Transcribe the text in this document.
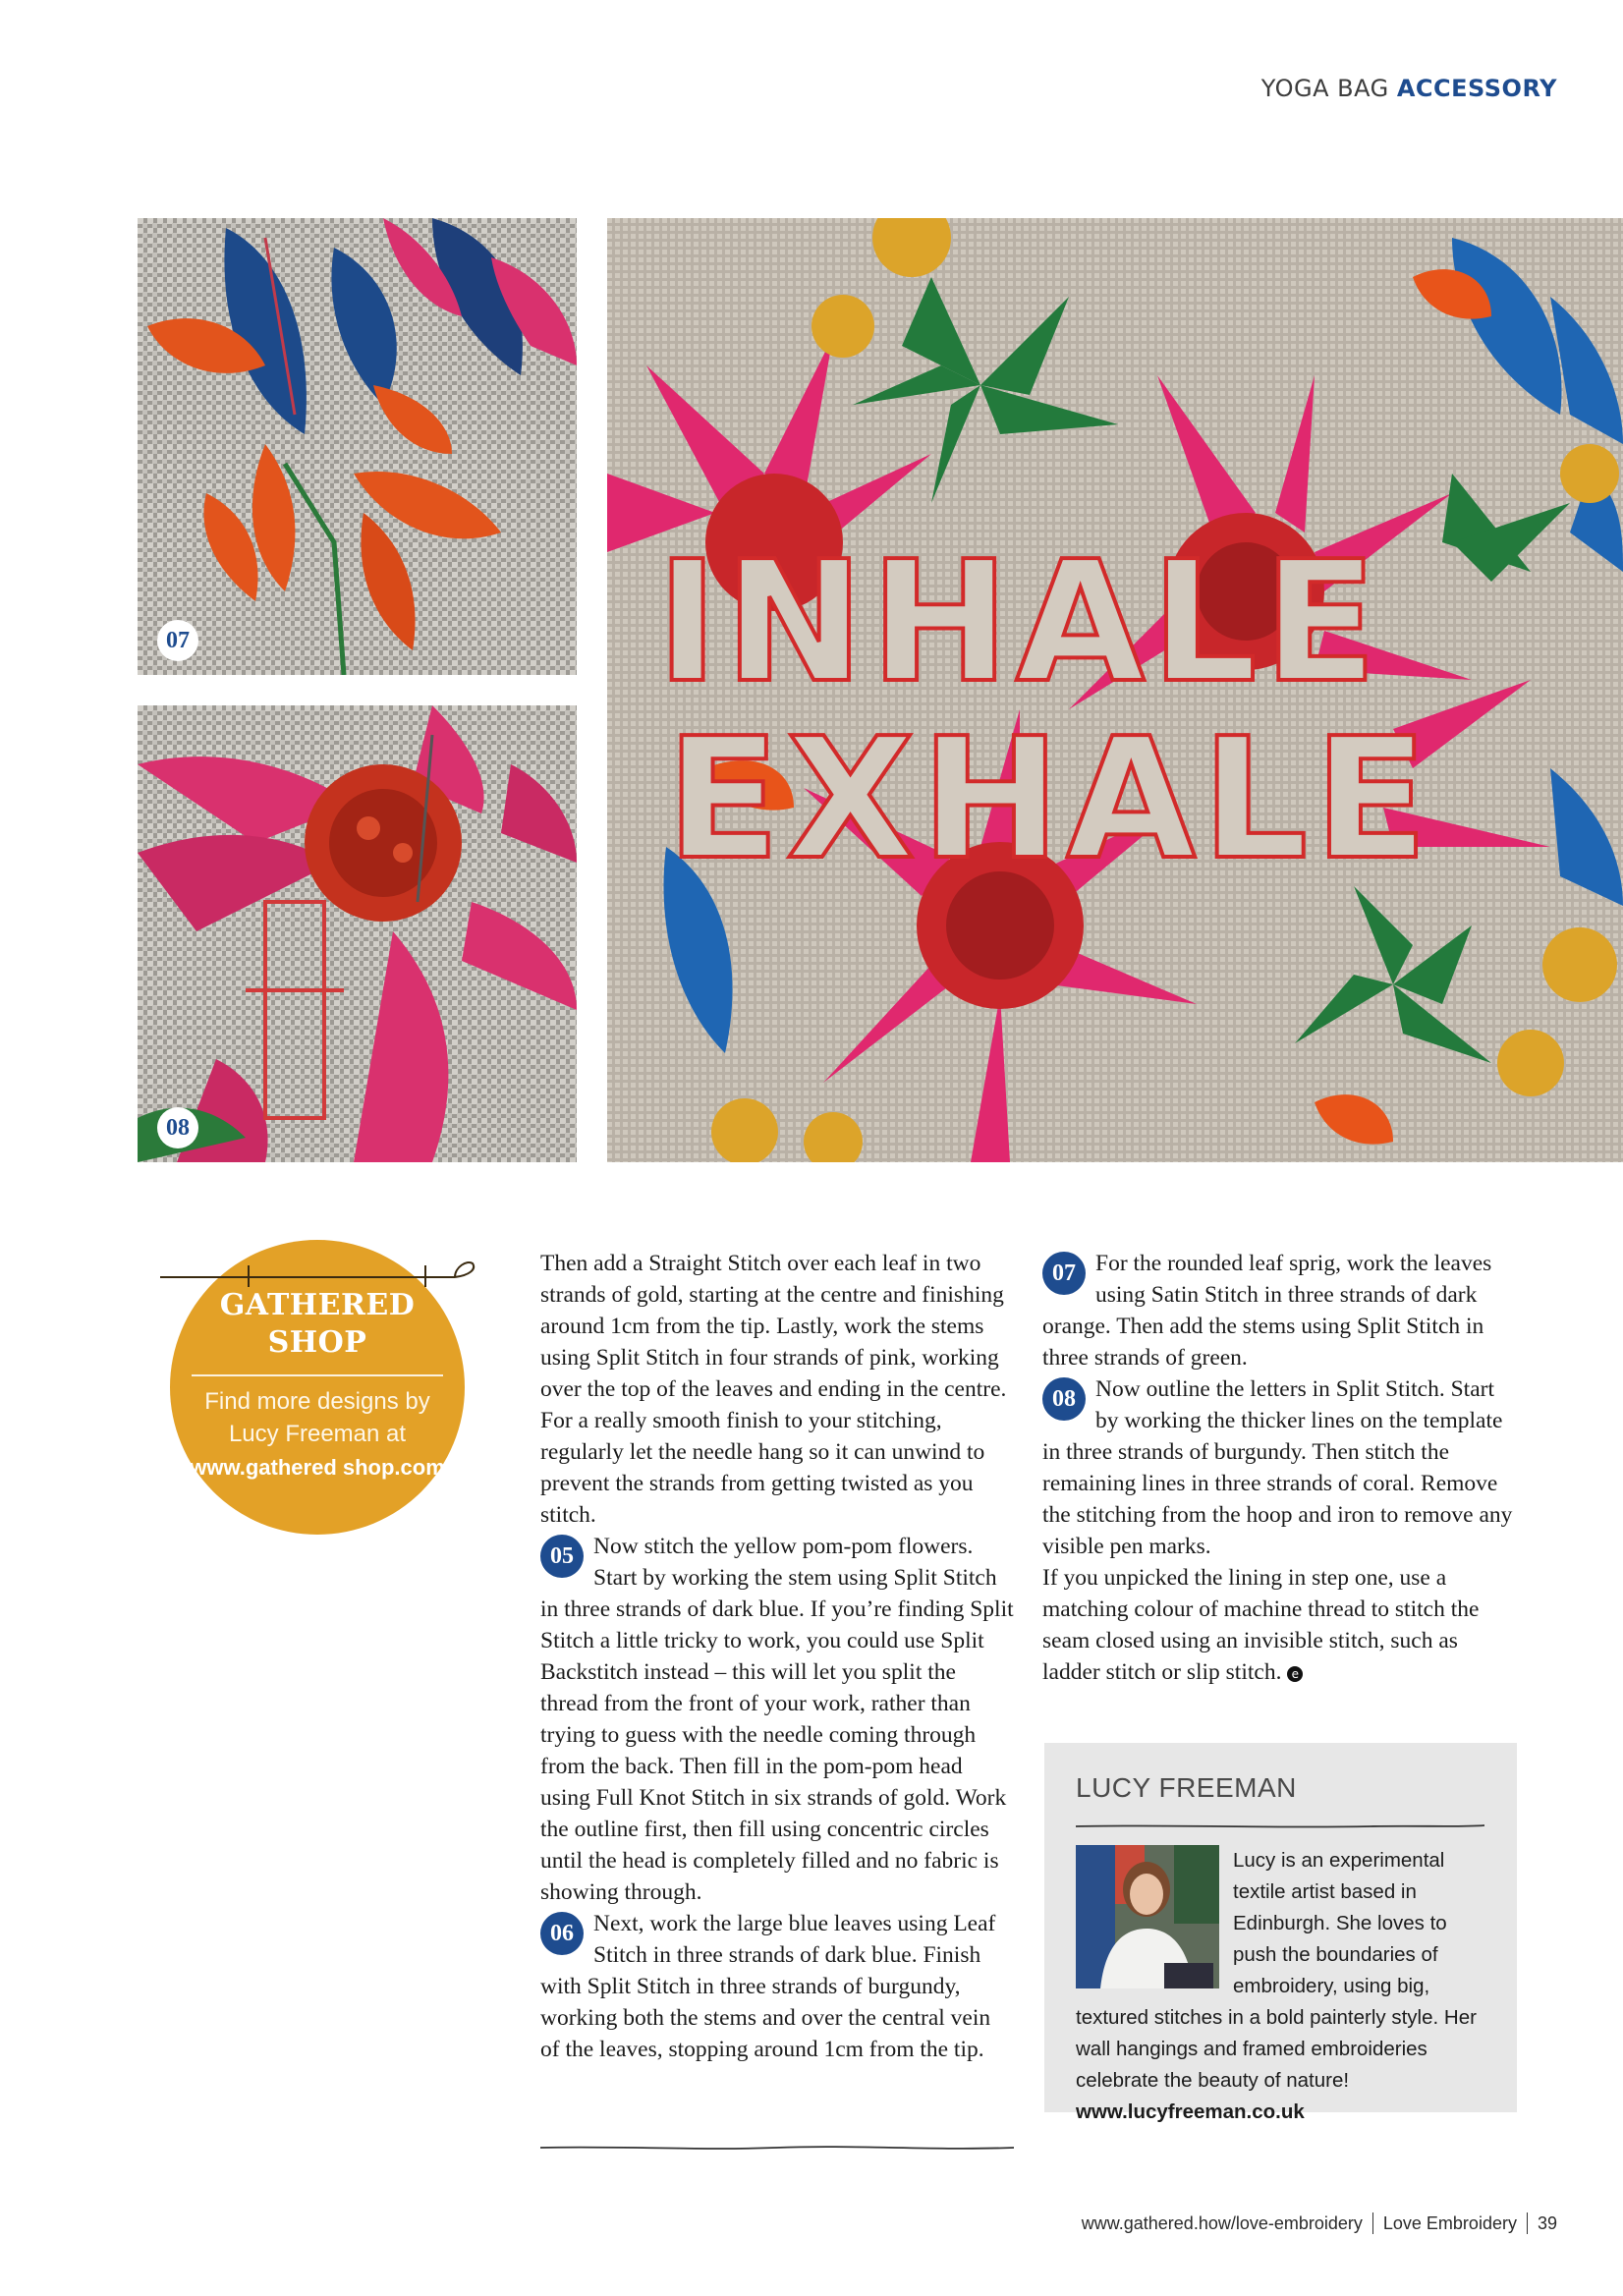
YOGA BAG ACCESSORY
07
08
INHALE
EXHALE
GATHERED
SHOP
Find more designs by Lucy Freeman at
www.gathered shop.com

Then add a Straight Stitch over each leaf in two strands of gold, starting at the centre and finishing around 1cm from the tip. Lastly, work the stems using Split Stitch in four strands of pink, working over the top of the leaves and ending in the centre. For a really smooth finish to your stitching, regularly let the needle hang so it can unwind to prevent the strands from getting twisted as you stitch.

05 Now stitch the yellow pom-pom flowers. Start by working the stem using Split Stitch in three strands of dark blue. If you’re finding Split Stitch a little tricky to work, you could use Split Backstitch instead – this will let you split the thread from the front of your work, rather than trying to guess with the needle coming through from the back. Then fill in the pom-pom head using Full Knot Stitch in six strands of gold. Work the outline first, then fill using concentric circles until the head is completely filled and no fabric is showing through.

06 Next, work the large blue leaves using Leaf Stitch in three strands of dark blue. Finish with Split Stitch in three strands of burgundy, working both the stems and over the central vein of the leaves, stopping around 1cm from the tip.

07 For the rounded leaf sprig, work the leaves using Satin Stitch in three strands of dark orange. Then add the stems using Split Stitch in three strands of green.

08 Now outline the letters in Split Stitch. Start by working the thicker lines on the template in three strands of burgundy. Then stitch the remaining lines in three strands of coral. Remove the stitching from the hoop and iron to remove any visible pen marks.

If you unpicked the lining in step one, use a matching colour of machine thread to stitch the seam closed using an invisible stitch, such as ladder stitch or slip stitch. e

LUCY FREEMAN
Lucy is an experimental textile artist based in Edinburgh. She loves to push the boundaries of embroidery, using big, textured stitches in a bold painterly style. Her wall hangings and framed embroideries celebrate the beauty of nature!
www.lucyfreeman.co.uk
www.gathered.how/love-embroidery Love Embroidery 39
